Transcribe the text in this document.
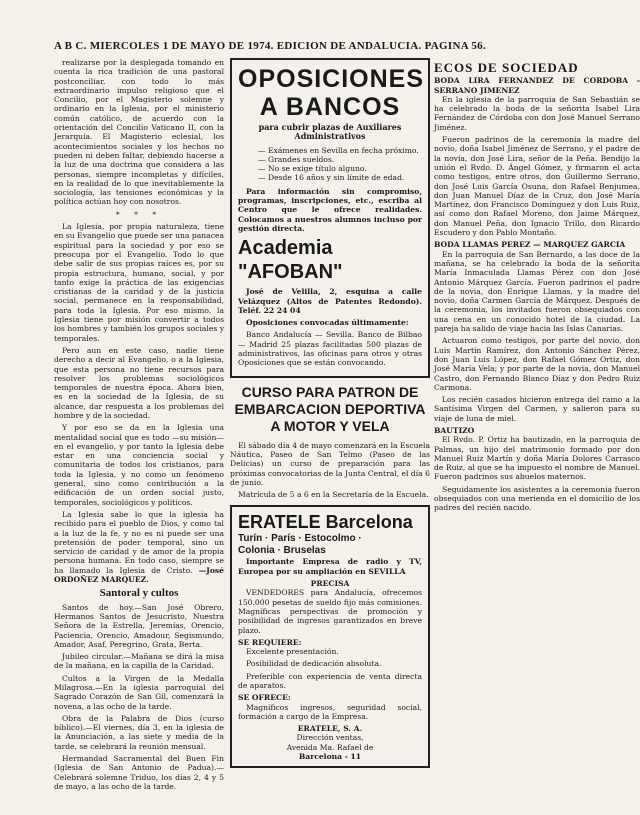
A B C. MIERCOLES 1 DE MAYO DE 1974. EDICION DE ANDALUCIA. PAGINA 56.

realizarse por la desplegada tomando en cuenta la rica tradición de una pastoral postconciliar, con todo lo más extraordinario impulso religioso que el Concilio, por el Magisterio solemne y ordinario en la Iglesia, por el ministerio común católico, de acuerdo con la orientación del Concilio Vaticano II, con la Jerarquía. El Magisterio eclesial, los acontecimientos sociales y los hechos no pueden ni deben faltar, debiendo hacerse a la luz de una doctrina que considera a las personas, siempre incompletas y difíciles, en la realidad de lo que inevitablemente la sociología, las tensiones económicas y la política actúan hoy con nosotros.

* * *

La Iglesia, por propia naturaleza, tiene en su Evangelio que puede ser una panacea espiritual para la sociedad y por eso se preocupa por el Evangelio. Todo lo que debe salir de sus propias raíces es, por su propia estructura, humano, social, y por tanto exige la práctica de las exigencias cristianas de la caridad y de la justicia social, permanece en la responsabilidad, para toda la Iglesia. Por eso mismo, la Iglesia tiene por misión convertir a todos los hombres y también los grupos sociales y temporales.

Pero aun en este caso, nadie tiene derecho a decir al Evangelio, o a la Iglesia, que esta persona no tiene recursos para resolver los problemas sociológicos temporales de nuestra época. Ahora bien, es en la sociedad de la Iglesia, de su alcance, dar respuesta a los problemas del hombre y de la sociedad.

Y por eso se da en la Iglesia una mentalidad social que es todo —su misión— en el evangelio, y por tanto la Iglesia debe estar en una conciencia social y comunitaria de todos los cristianos, para toda la Iglesia, y no como un fenómeno general, sino como contribución a la edificación de un orden social justo, temporales, sociológicos y políticos.

La Iglesia sabe lo que la iglesia ha recibido para el pueblo de Dios, y como tal a la luz de la fe, y no es ni puede ser una pretensión de poder temporal, sino un servicio de caridad y de amor de la propia persona humana. En todo caso, siempre se ha llamado la Iglesia de Cristo. —José ORDOÑEZ MARQUEZ.

Santoral y cultos

Santos de hoy.—San José Obrero, Hermanos Santos de Jesucristo, Nuestra Señora de la Estrella, Jeremías, Orencio, Paciencia, Orencio, Amadour, Segismundo, Amador, Asaf, Peregrino, Grata, Berta.

Jubileo circular.—Mañana se dirá la misa de la mañana, en la capilla de la Caridad.

Cultos a la Virgen de la Medalla Milagrosa.—En la iglesia parroquial del Sagrado Corazón de San Gil, comenzará la novena, a las ocho de la tarde.

Obra de la Palabra de Dios (curso bíblico).—El viernes, día 3, en la iglesia de la Anunciación, a las siete y media de la tarde, se celebrará la reunión mensual.

Hermandad Sacramental del Buen Fin (Iglesia de San Antonio de Padua).—Celebrará solemne Triduo, los días 2, 4 y 5 de mayo, a las ocho de la tarde.

OPOSICIONES
A BANCOS
para cubrir plazas de Auxiliares Administrativos
— Exámenes en Sevilla en fecha próximo.
— Grandes sueldos.
— No se exige título alguno.
— Desde 16 años y sin límite de edad.

Para información sin compromiso, programas, inscripciones, etc., escriba al Centro que le ofrece realidades. Colocamos a nuestros alumnos incluso por gestión directa.

Academia "AFOBAN"

José de Velilla, 2, esquina a calle Velázquez (Altos de Patentes Redondo). Teléf. 22 24 04

Oposiciones convocadas últimamente:

Banco Andalucía — Sevilla. Banco de Bilbao — Madrid 25 plazas facilitadas 500 plazas de administrativos, las oficinas para otros y otras Oposiciones que se están convocando.

CURSO PARA PATRON DE EMBARCACION DEPORTIVA A MOTOR Y VELA

El sábado día 4 de mayo comenzará en la Escuela Náutica, Paseo de San Telmo (Paseo de las Delicias) un curso de preparación para las próximas convocatorias de la Junta Central, el día 6 de junio.

Matrícula de 5 a 6 en la Secretaría de la Escuela.

ERATELE Barcelona
Turín · París · Estocolmo ·
Colonia · Bruselas

Importante Empresa de radio y TV, Europea por su ampliación en SEVILLA

PRECISA

VENDEDORES para Andalucía, ofrecemos 150.000 pesetas de sueldo fijo más comisiones. Magníficas perspectivas de promoción y posibilidad de ingresos garantizados en breve plazo.

SE REQUIERE:

Excelente presentación.

Posibilidad de dedicación absoluta.

Preferible con experiencia de venta directa de aparatos.

SE OFRECE:

Magníficos ingresos, seguridad social, formación a cargo de la Empresa.

ERATELE, S. A.
Dirección ventas,
Avenida Ma. Rafael de
Barcelona - 11
ECOS DE SOCIEDAD
BODA LIRA FERNANDEZ DE CORDOBA - SERRANO JIMENEZ

En la iglesia de la parroquia de San Sebastián se ha celebrado la boda de la señorita Isabel Lira Fernández de Córdoba con don José Manuel Serrano Jiménez.

Fueron padrinos de la ceremonia la madre del novio, doña Isabel Jiménez de Serrano, y el padre de la novia, don José Lira, señor de la Peña. Bendijo la unión el Rvdo. D. Ángel Gómez, y firmaron el acta como testigos, entre otros, don Guillermo Serrano, don José Luis García Osuna, don Rafael Benjumea, don Juan Manuel Díaz de la Cruz, don José María Martínez, don Francisco Domínguez y don Luis Ruiz, así como don Rafael Moreno, don Jaime Márquez, don Manuel Peña, don Ignacio Trillo, don Ricardo Escudero y don Pablo Montaño.

BODA LLAMAS PEREZ — MARQUEZ GARCIA

En la parroquia de San Bernardo, a las doce de la mañana, se ha celebrado la boda de la señorita María Inmaculada Llamas Pérez con don José Antonio Márquez García. Fueron padrinos el padre de la novia, don Enrique Llamas, y la madre del novio, doña Carmen García de Márquez. Después de la ceremonia, los invitados fueron obsequiados con una cena en un conocido hotel de la ciudad. La pareja ha salido de viaje hacia las Islas Canarias.

Actuaron como testigos, por parte del novio, don Luis Martín Ramírez, don Antonio Sánchez Pérez, don Juan Luis López, don Rafael Gómez Ortiz, don José María Vela; y por parte de la novia, don Manuel Castro, don Fernando Blanco Díaz y don Pedro Ruiz Carmona.

Los recién casados hicieron entrega del ramo a la Santísima Virgen del Carmen, y salieron para su viaje de luna de miel.

BAUTIZO

El Rvdo. P. Ortiz ha bautizado, en la parroquia de Palmas, un hijo del matrimonio formado por don Manuel Ruiz Martín y doña María Dolores Carrasco de Ruiz, al que se ha impuesto el nombre de Manuel. Fueron padrinos sus abuelos maternos.

Seguidamente los asistentes a la ceremonia fueron obsequiados con una merienda en el domicilio de los padres del recién nacido.
